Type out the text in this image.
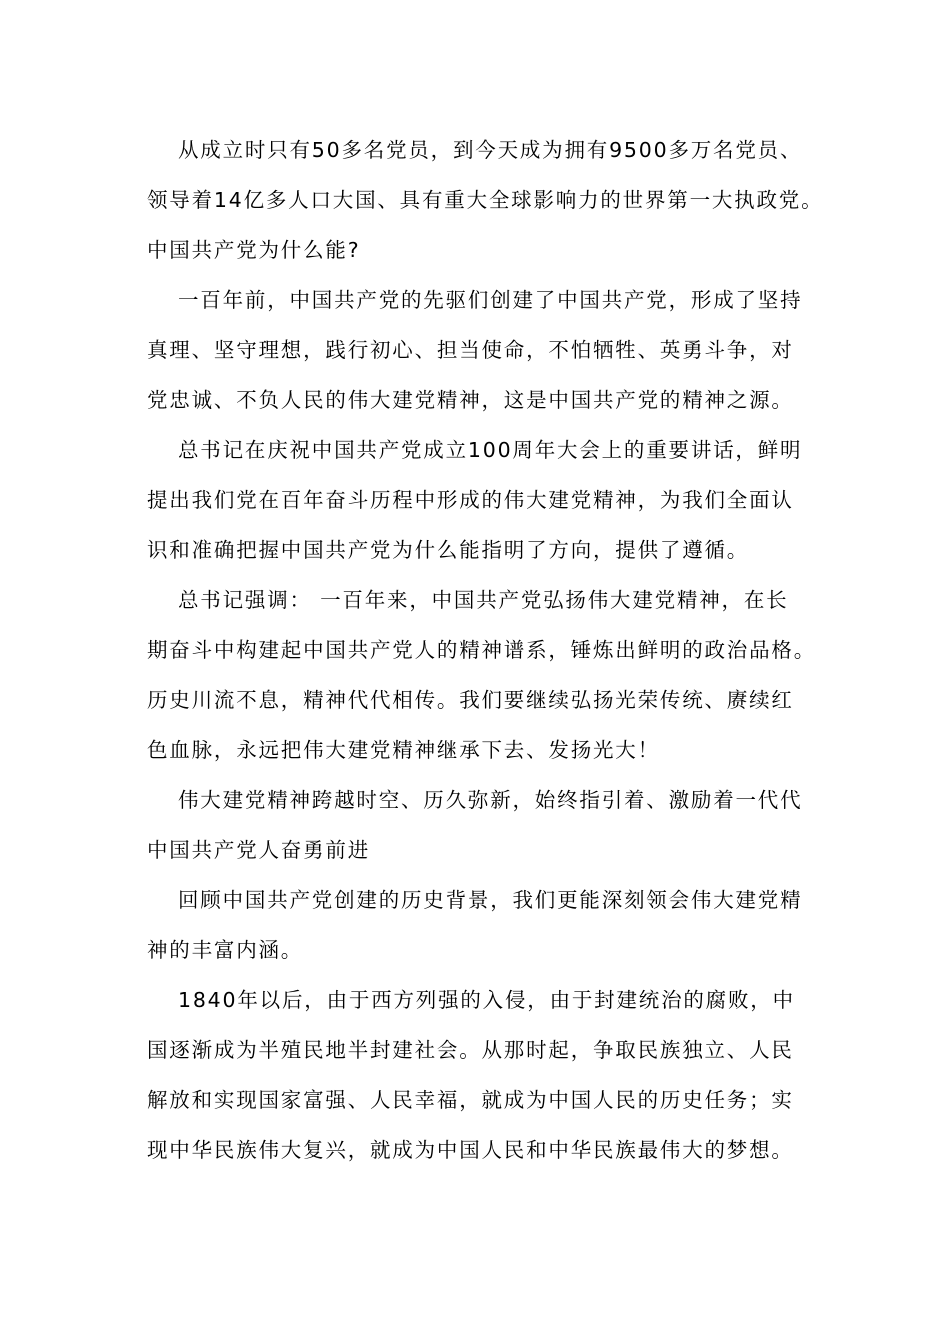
从成立时只有50多名党员，到今天成为拥有9500多万名党员、
领导着14亿多人口大国、具有重大全球影响力的世界第一大执政党。
中国共产党为什么能?
一百年前，中国共产党的先驱们创建了中国共产党，形成了坚持
真理、坚守理想，践行初心、担当使命，不怕牺牲、英勇斗争，对
党忠诚、不负人民的伟大建党精神，这是中国共产党的精神之源。
总书记在庆祝中国共产党成立100周年大会上的重要讲话，鲜明
提出我们党在百年奋斗历程中形成的伟大建党精神，为我们全面认
识和准确把握中国共产党为什么能指明了方向，提供了遵循。
总书记强调： 一百年来，中国共产党弘扬伟大建党精神，在长
期奋斗中构建起中国共产党人的精神谱系，锤炼出鲜明的政治品格。
历史川流不息，精神代代相传。我们要继续弘扬光荣传统、赓续红
色血脉，永远把伟大建党精神继承下去、发扬光大！
伟大建党精神跨越时空、历久弥新，始终指引着、激励着一代代
中国共产党人奋勇前进
回顾中国共产党创建的历史背景，我们更能深刻领会伟大建党精
神的丰富内涵。
1840年以后，由于西方列强的入侵，由于封建统治的腐败，中
国逐渐成为半殖民地半封建社会。从那时起，争取民族独立、人民
解放和实现国家富强、人民幸福，就成为中国人民的历史任务；实
现中华民族伟大复兴，就成为中国人民和中华民族最伟大的梦想。
